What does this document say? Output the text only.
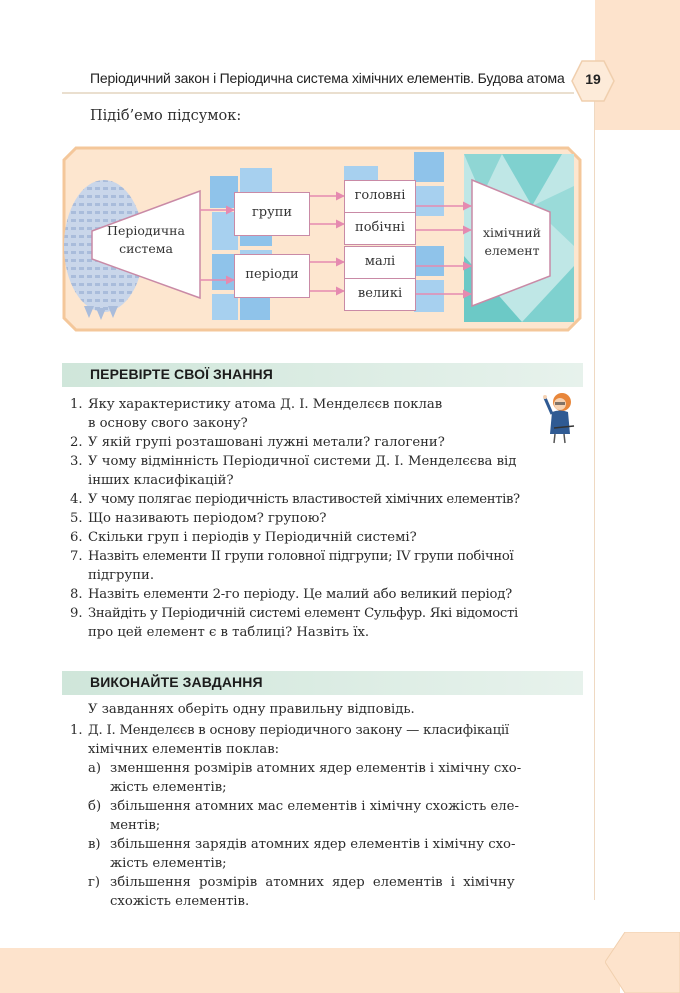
Періодичний закон і Періодична система хімічних елементів. Будова атома	19
Підіб’емо підсумок:
Періодична
система
групи
періоди
головні
побічні
малі
великі
хімічний
елемент
ПЕРЕВІРТЕ СВОЇ ЗНАННЯ
1. Яку характеристику атома Д. І. Менделєєв поклав
в основу свого закону?
2. У якій групі розташовані лужні метали? галогени?
3. У чому відмінність Періодичної системи Д. І. Менделєєва від
інших класифікацій?
4. У чому полягає періодичність властивостей хімічних елементів?
5. Що називають періодом? групою?
6. Скільки груп і періодів у Періодичній системі?
7. Назвіть елементи II групи головної підгрупи; IV групи побічної
підгрупи.
8. Назвіть елементи 2-го періоду. Це малий або великий період?
9. Знайдіть у Періодичній системі елемент Сульфур. Які відомості
про цей елемент є в таблиці? Назвіть їх.
ВИКОНАЙТЕ ЗАВДАННЯ
У завданнях оберіть одну правильну відповідь.
1. Д. І. Менделєєв в основу періодичного закону — класифікації
хімічних елементів поклав:
а) зменшення розмірів атомних ядер елементів і хімічну схо-
жість елементів;
б) збільшення атомних мас елементів і хімічну схожість еле-
ментів;
в) збільшення зарядів атомних ядер елементів і хімічну схо-
жість елементів;
г) збільшення розмірів атомних ядер елементів і хімічну
схожість елементів.
